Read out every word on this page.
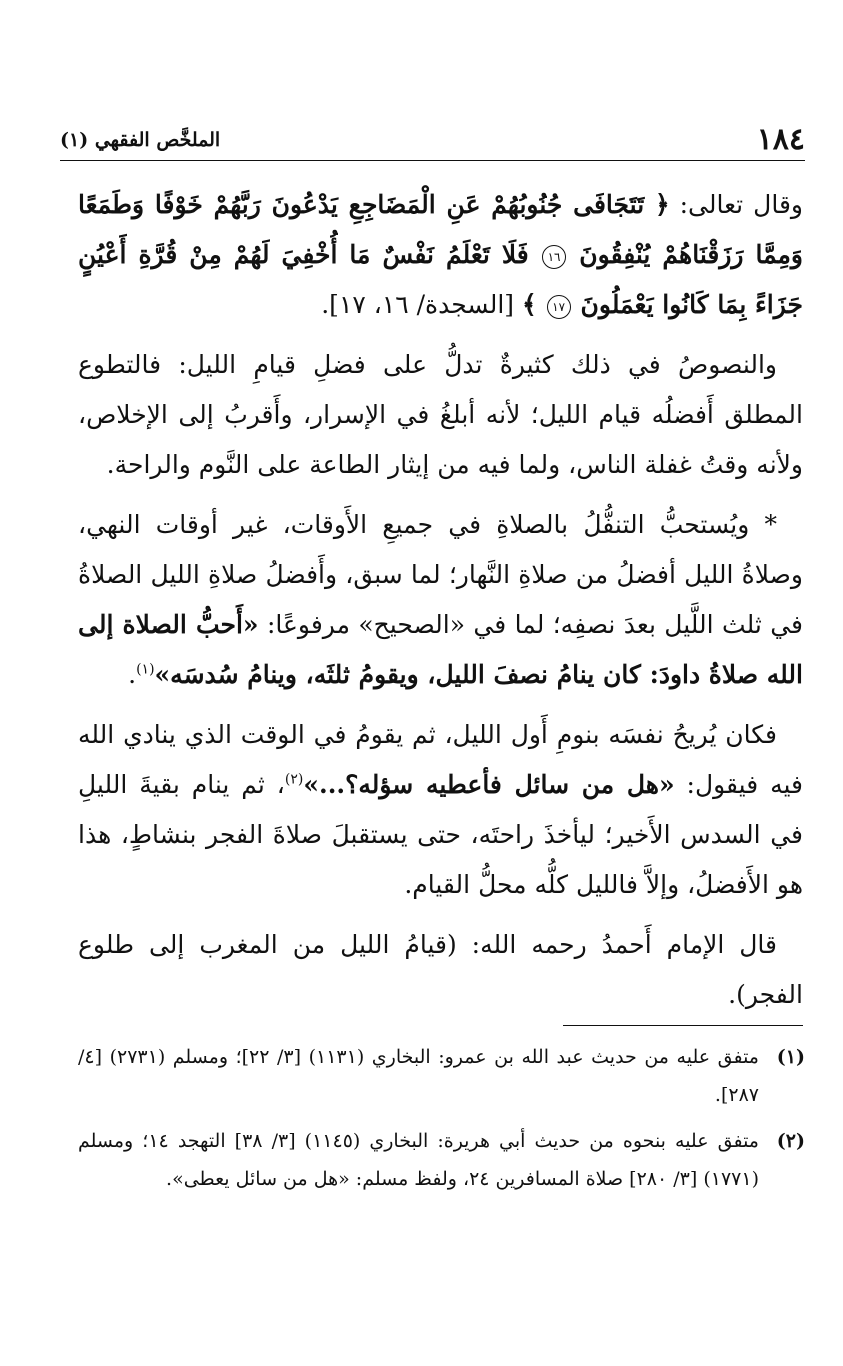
١٨٤
الملخَّص الفقهي (١)

وقال تعالى: ﴿ تَتَجَافَى جُنُوبُهُمْ عَنِ الْمَضَاجِعِ يَدْعُونَ رَبَّهُمْ خَوْفًا وَطَمَعًا وَمِمَّا رَزَقْنَاهُمْ يُنْفِقُونَ ١٦ فَلَا تَعْلَمُ نَفْسٌ مَا أُخْفِيَ لَهُمْ مِنْ قُرَّةِ أَعْيُنٍ جَزَاءً بِمَا كَانُوا يَعْمَلُونَ ١٧ ﴾ [السجدة/ ١٦، ١٧].

والنصوصُ في ذلك كثيرةٌ تدلُّ على فضلِ قيامِ الليل: فالتطوع المطلق أَفضلُه قيام الليل؛ لأنه أبلغُ في الإسرار، وأَقربُ إلى الإخلاص، ولأنه وقتُ غفلة الناس، ولما فيه من إيثار الطاعة على النَّوم والراحة.

* ويُستحبُّ التنفُّلُ بالصلاةِ في جميعِ الأَوقات، غير أوقات النهي، وصلاةُ الليل أفضلُ من صلاةِ النَّهار؛ لما سبق، وأَفضلُ صلاةِ الليل الصلاةُ في ثلث اللَّيل بعدَ نصفِه؛ لما في «الصحيح» مرفوعًا: «أَحبُّ الصلاة إلى الله صلاةُ داودَ: كان ينامُ نصفَ الليل، ويقومُ ثلثَه، وينامُ سُدسَه»$^{(١)}$.

فكان يُريحُ نفسَه بنومِ أَول الليل، ثم يقومُ في الوقت الذي ينادي الله فيه فيقول: «هل من سائل فأعطيه سؤله؟...»$^{(٢)}$، ثم ينام بقيةَ الليلِ في السدس الأَخير؛ ليأخذَ راحتَه، حتى يستقبلَ صلاةَ الفجر بنشاطٍ، هذا هو الأَفضلُ، وإلاَّ فالليل كلُّه محلُّ القيام.

قال الإمام أَحمدُ رحمه الله: (قيامُ الليل من المغرب إلى طلوع الفجر).

(١)
متفق عليه من حديث عبد الله بن عمرو: البخاري (١١٣١) [٣/ ٢٢]؛ ومسلم (٢٧٣١) [٤/ ٢٨٧].
(٢)
متفق عليه بنحوه من حديث أبي هريرة: البخاري (١١٤٥) [٣/ ٣٨] التهجد ١٤؛ ومسلم (١٧٧١) [٣/ ٢٨٠] صلاة المسافرين ٢٤، ولفظ مسلم: «هل من سائل يعطى».
